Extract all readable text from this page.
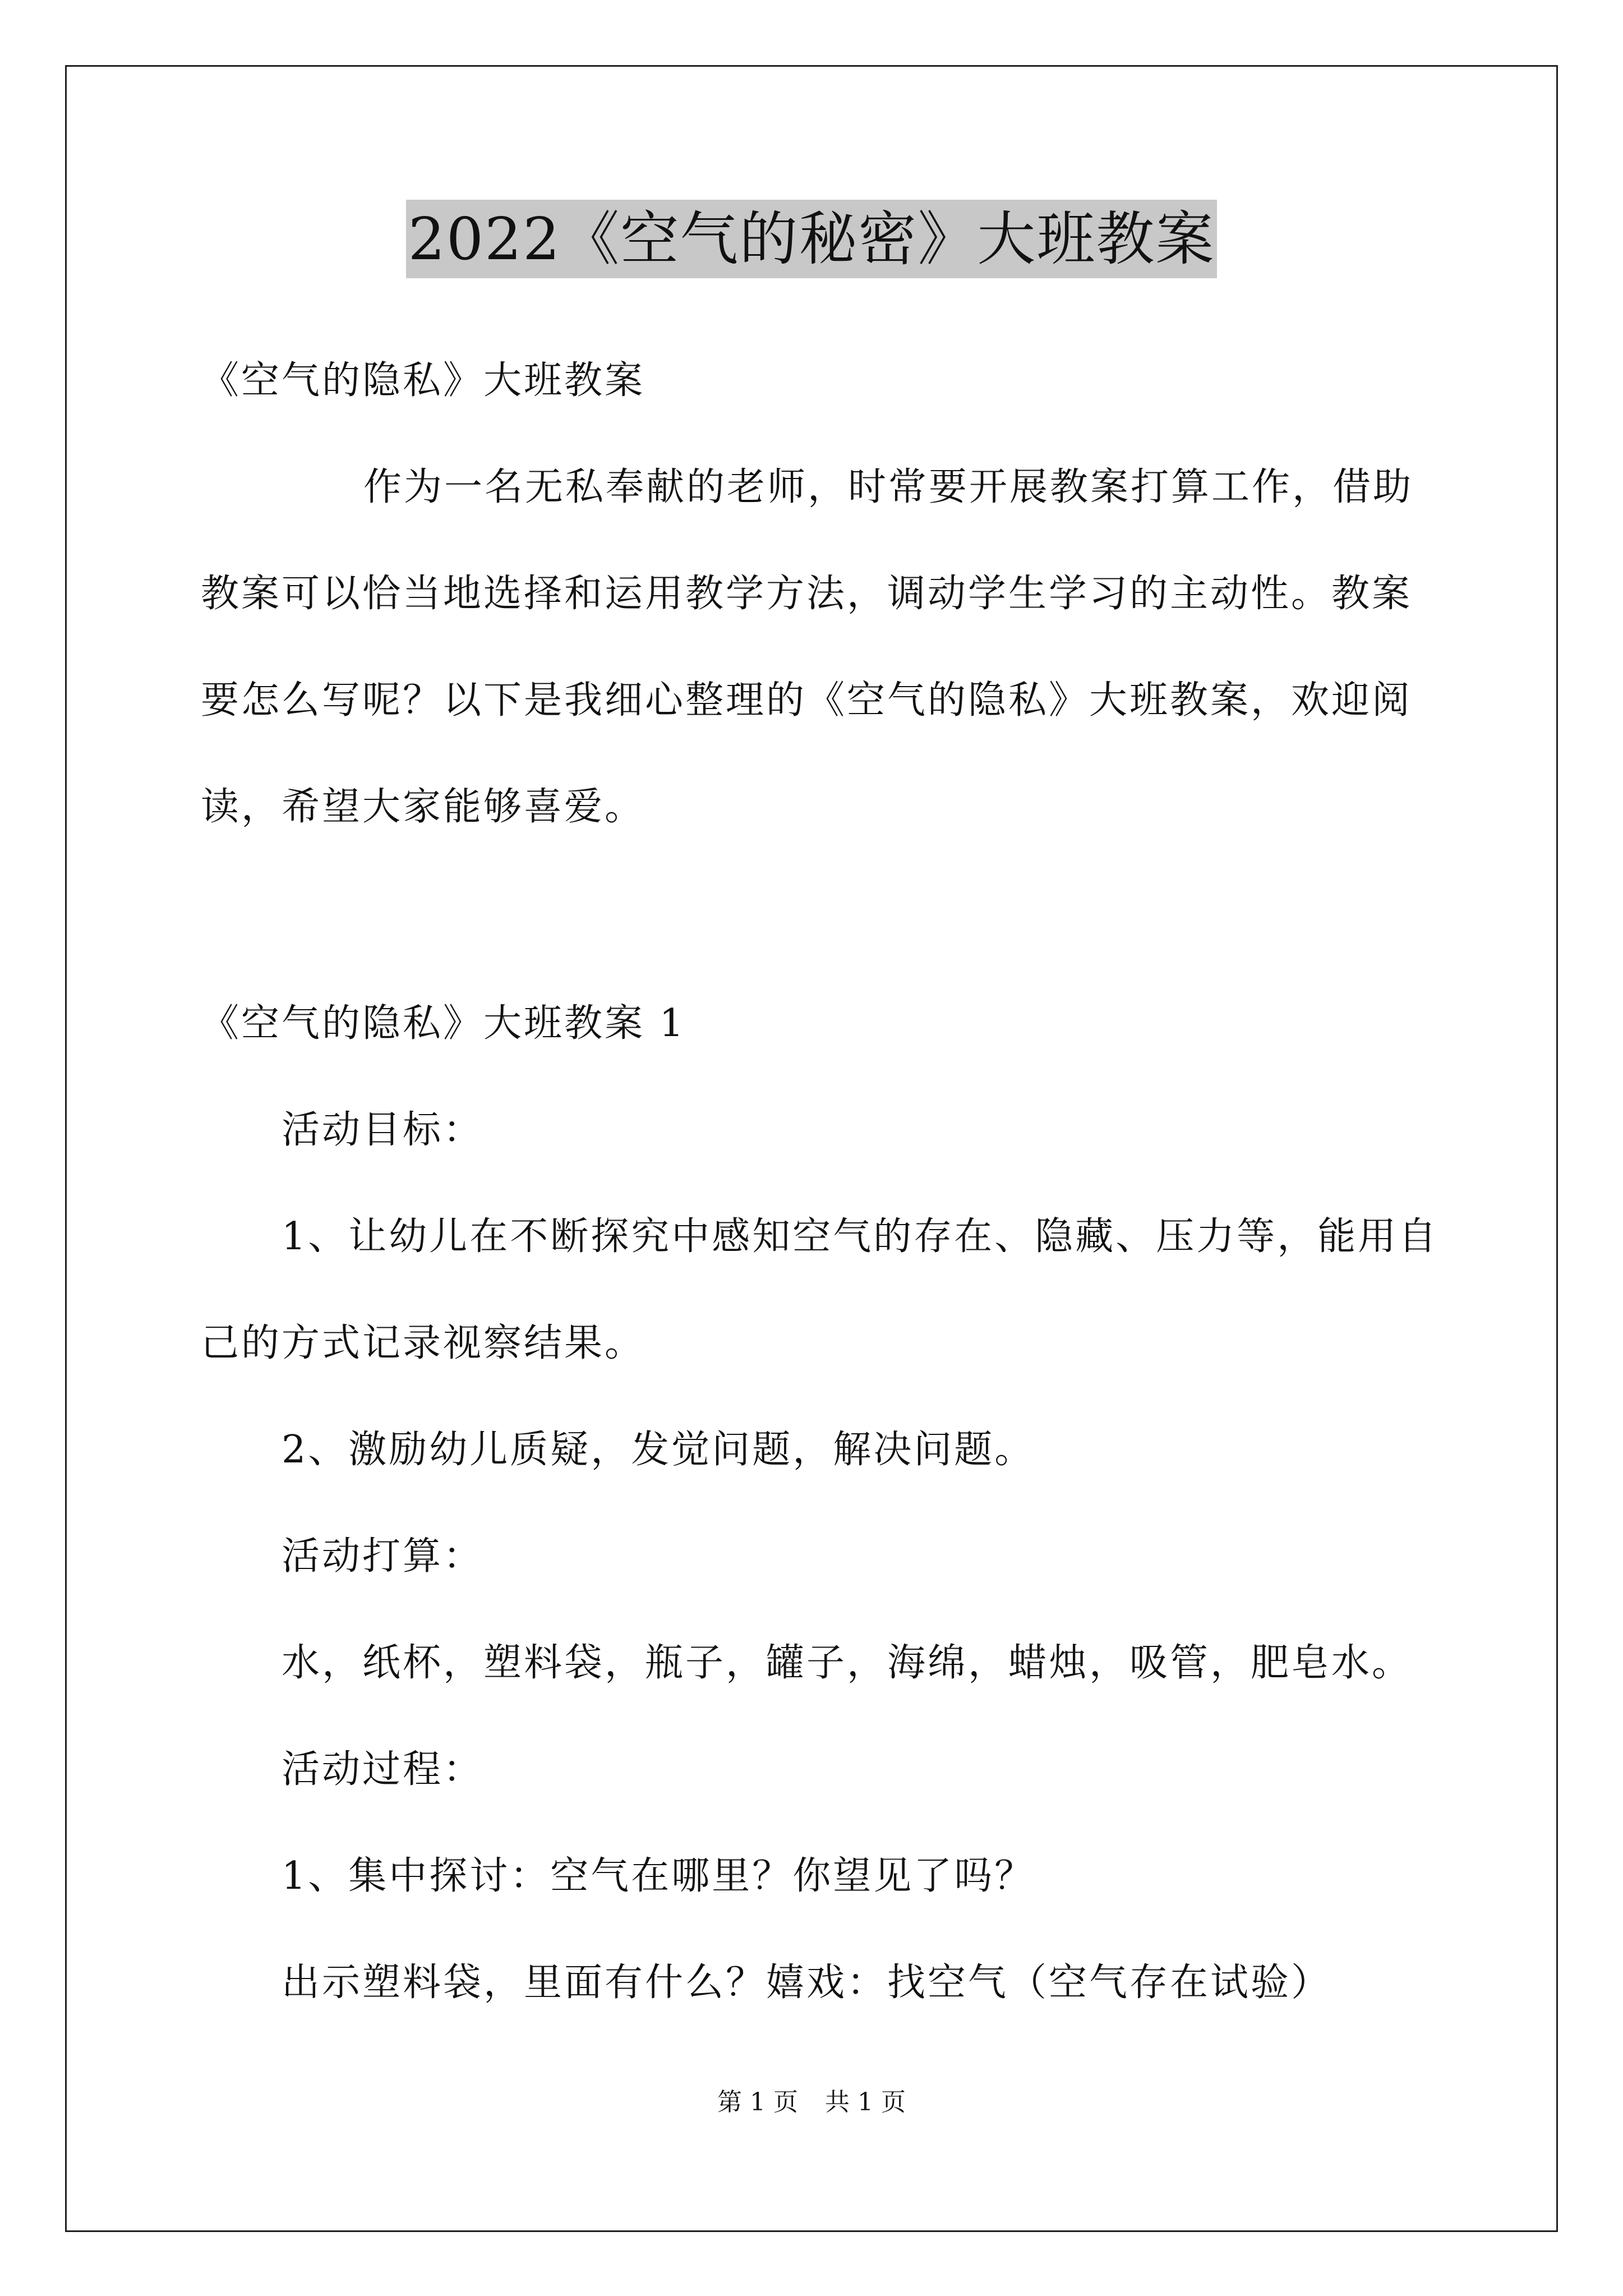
2022《空气的秘密》大班教案
《空气的隐私》大班教案
作为一名无私奉献的老师，时常要开展教案打算工作，借助
教案可以恰当地选择和运用教学方法，调动学生学习的主动性。教案
要怎么写呢？以下是我细心整理的《空气的隐私》大班教案，欢迎阅
读，希望大家能够喜爱。
《空气的隐私》大班教案 1
活动目标：
1、让幼儿在不断探究中感知空气的存在、隐藏、压力等，能用自
己的方式记录视察结果。
2、激励幼儿质疑，发觉问题，解决问题。
活动打算：
水，纸杯，塑料袋，瓶子，罐子，海绵，蜡烛，吸管，肥皂水。
活动过程：
1、集中探讨：空气在哪里？你望见了吗？
出示塑料袋，里面有什么？嬉戏：找空气（空气存在试验）
第 1 页 共 1 页
